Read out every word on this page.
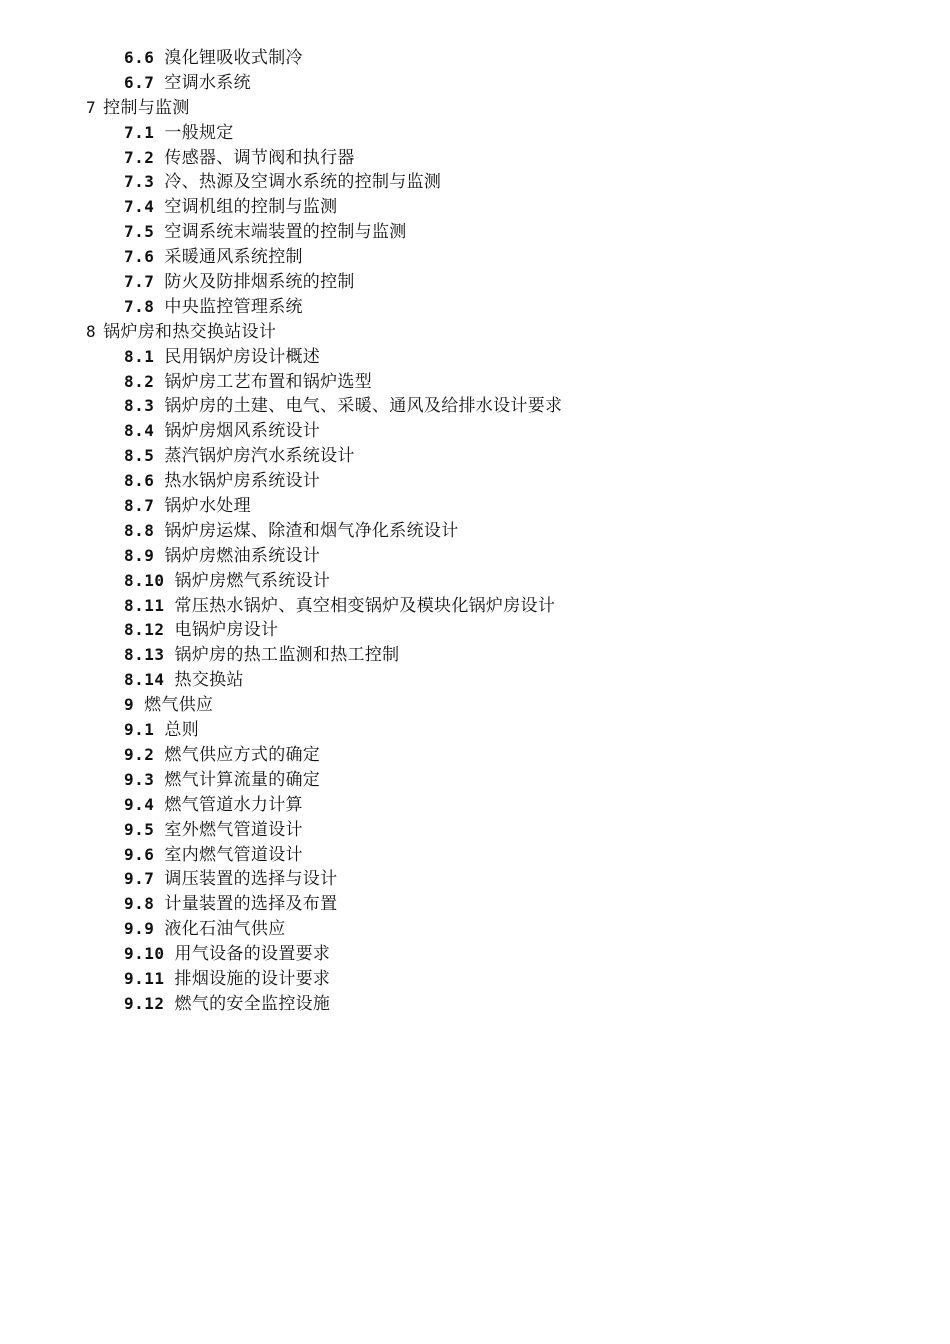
6.6 溴化锂吸收式制冷
6.7 空调水系统
7 控制与监测
7.1 一般规定
7.2 传感器、调节阀和执行器
7.3 冷、热源及空调水系统的控制与监测
7.4 空调机组的控制与监测
7.5 空调系统末端装置的控制与监测
7.6 采暖通风系统控制
7.7 防火及防排烟系统的控制
7.8 中央监控管理系统
8 锅炉房和热交换站设计
8.1 民用锅炉房设计概述
8.2 锅炉房工艺布置和锅炉选型
8.3 锅炉房的土建、电气、采暖、通风及给排水设计要求
8.4 锅炉房烟风系统设计
8.5 蒸汽锅炉房汽水系统设计
8.6 热水锅炉房系统设计
8.7 锅炉水处理
8.8 锅炉房运煤、除渣和烟气净化系统设计
8.9 锅炉房燃油系统设计
8.10 锅炉房燃气系统设计
8.11 常压热水锅炉、真空相变锅炉及模块化锅炉房设计
8.12 电锅炉房设计
8.13 锅炉房的热工监测和热工控制
8.14 热交换站
9 燃气供应
9.1 总则
9.2 燃气供应方式的确定
9.3 燃气计算流量的确定
9.4 燃气管道水力计算
9.5 室外燃气管道设计
9.6 室内燃气管道设计
9.7 调压装置的选择与设计
9.8 计量装置的选择及布置
9.9 液化石油气供应
9.10 用气设备的设置要求
9.11 排烟设施的设计要求
9.12 燃气的安全监控设施
